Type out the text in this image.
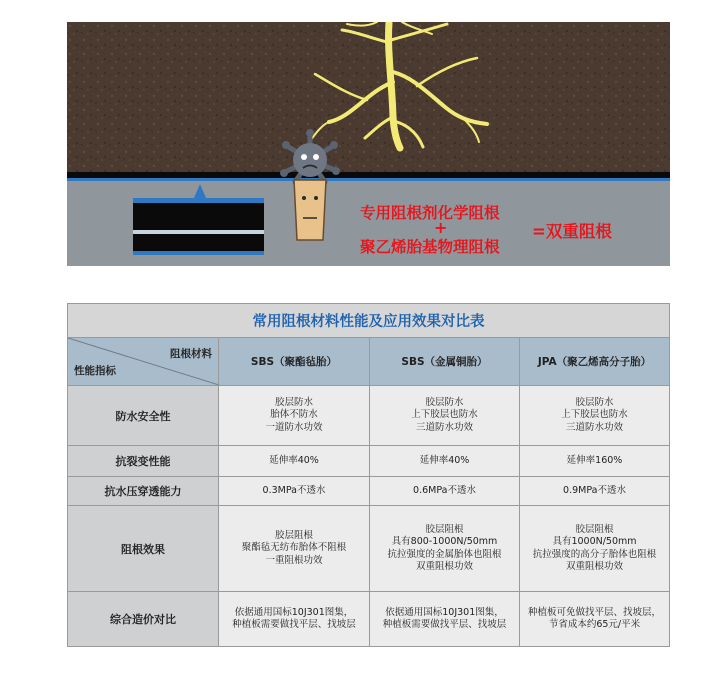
专用阻根剂化学阻根
+
聚乙烯胎基物理阻根
=双重阻根
常用阻根材料性能及应用效果对比表			

阻根材料
性能指标	SBS（聚酯毡胎）	SBS（金属铜胎）	JPA（聚乙烯高分子胎）
防水安全性	胶层防水
胎体不防水
一道防水功效	胶层防水
上下胶层也防水
三道防水功效	胶层防水
上下胶层也防水
三道防水功效

抗裂变性能	延伸率40%	延伸率40%	延伸率160%

抗水压穿透能力	0.3MPa不透水	0.6MPa不透水	0.9MPa不透水

阻根效果	胶层阻根
聚酯毡无纺布胎体不阻根
一重阻根功效	胶层阻根
具有800-1000N/50mm
抗拉强度的金属胎体也阻根
双重阻根功效	胶层阻根
具有1000N/50mm
抗拉强度的高分子胎体也阻根
双重阻根功效

综合造价对比	依据通用国标10J301图集，
种植板需要做找平层、找坡层	依据通用国标10J301图集，
种植板需要做找平层、找坡层	种植板可免做找平层、找坡层，
节省成本约65元/平米
